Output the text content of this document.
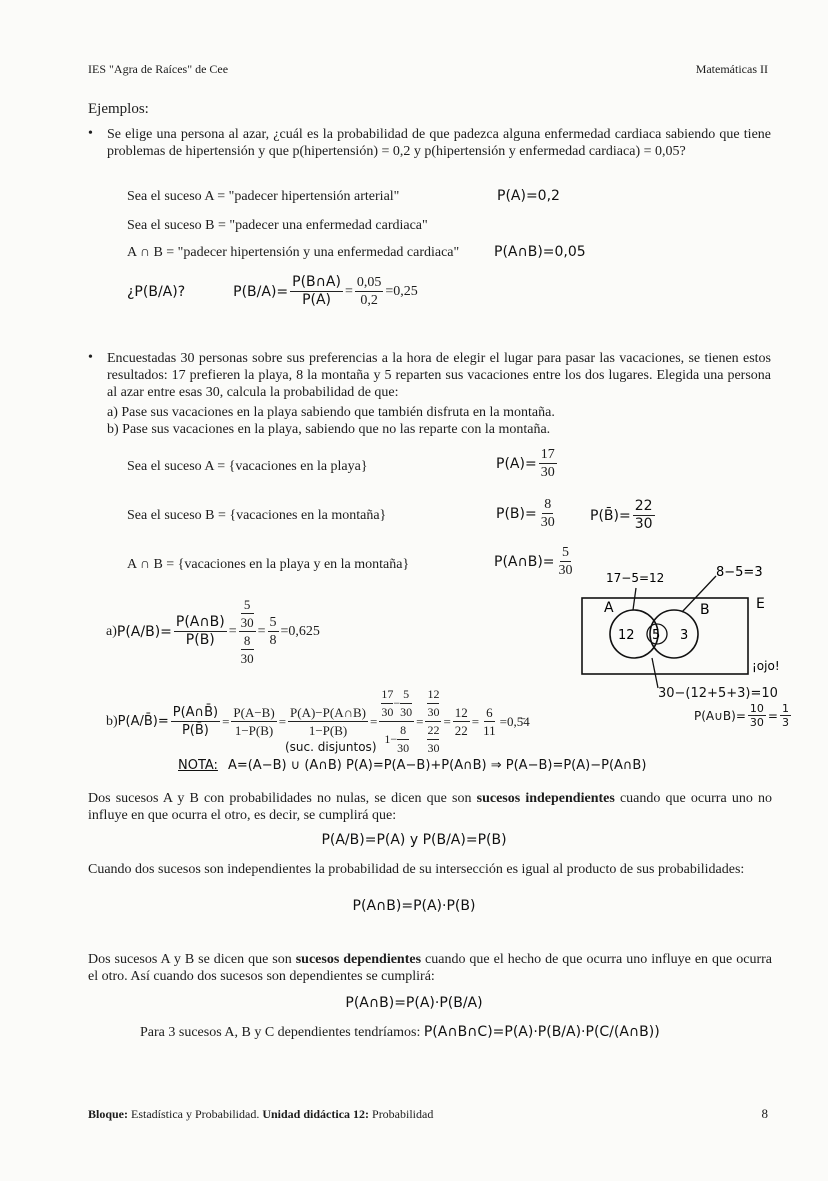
IES "Agra de Raíces" de Cee	Matemáticas II
Ejemplos:
• Se elige una persona al azar, ¿cuál es la probabilidad de que padezca alguna enfermedad cardiaca sabiendo que tiene problemas de hipertensión y que p(hipertensión) = 0,2 y p(hipertensión y enfermedad cardiaca) = 0,05?
Sea el suceso A = "padecer hipertensión arterial"	P(A)=0,2
Sea el suceso B = "padecer una enfermedad cardiaca"
A ∩ B = "padecer hipertensión y una enfermedad cardiaca" P(A∩B)=0,05
¿P(B/A)?	$P(B/A)= \frac{P(B\cap A)}{P(A)} = \frac{0,05}{0,2} =0,25$
• Encuestadas 30 personas sobre sus preferencias a la hora de elegir el lugar para pasar las vacaciones, se tienen estos resultados: 17 prefieren la playa, 8 la montaña y 5 reparten sus vacaciones entre los dos lugares. Elegida una persona al azar entre esas 30, calcula la probabilidad de que:
a) Pase sus vacaciones en la playa sabiendo que también disfruta en la montaña.
b) Pase sus vacaciones en la playa, sabiendo que no las reparte con la montaña.
Sea el suceso A = {vacaciones en la playa}	$P(A)= \frac{17}{30}$
Sea el suceso B = {vacaciones en la montaña}	$P(B)= \frac{8}{30}$ P(B̄)= $\frac{22}{30}$
A ∩ B = {vacaciones en la playa y en la montaña}	P(A∩B)= $\frac{5}{30}$
a) $P(A/B)= \frac{P(A\cap B)}{P(B)} = \frac{\frac{5}{30}}{\frac{8}{30}} = \frac{5}{8} =0,625$
A	B	E
12 5 3
17−5=12	8−5=3
¡ojo!
30−(12+5+3)=10
P(A∪B)= $\frac{10}{30} = \frac{1}{3}$
b) P(A/B̄)= $\frac{P(A\cap B̄)}{P(B̄)} = \frac{P(A-B)}{1-P(B)} = \frac{P(A)-P(A\cap B)}{1-P(B)} = \frac{\frac{17}{30} - \frac{5}{30}}{1- \frac{8}{30}} = \frac{\frac{12}{30}}{\frac{22}{30}} = \frac{12}{22} = \frac{6}{11}$ =0,5̄4
(suc. disjuntos)
NOTA: A=(A−B) ∪ (A∩B) P(A)=P(A−B)+P(A∩B) ⇒ P(A−B)=P(A)−P(A∩B)
Dos sucesos A y B con probabilidades no nulas, se dicen que son sucesos independientes cuando que ocurra uno no influye en que ocurra el otro, es decir, se cumplirá que:
P(A/B)=P(A) y P(B/A)=P(B)
Cuando dos sucesos son independientes la probabilidad de su intersección es igual al producto de sus probabilidades:
P(A∩B)=P(A)·P(B)
Dos sucesos A y B se dicen que son sucesos dependientes cuando que el hecho de que ocurra uno influye en que ocurra el otro. Así cuando dos sucesos son dependientes se cumplirá:
P(A∩B)=P(A)·P(B/A)
Para 3 sucesos A, B y C dependientes tendríamos: P(A∩B∩C)=P(A)·P(B/A)·P(C/(A∩B))
Bloque: Estadística y Probabilidad. Unidad didáctica 12: Probabilidad	8
